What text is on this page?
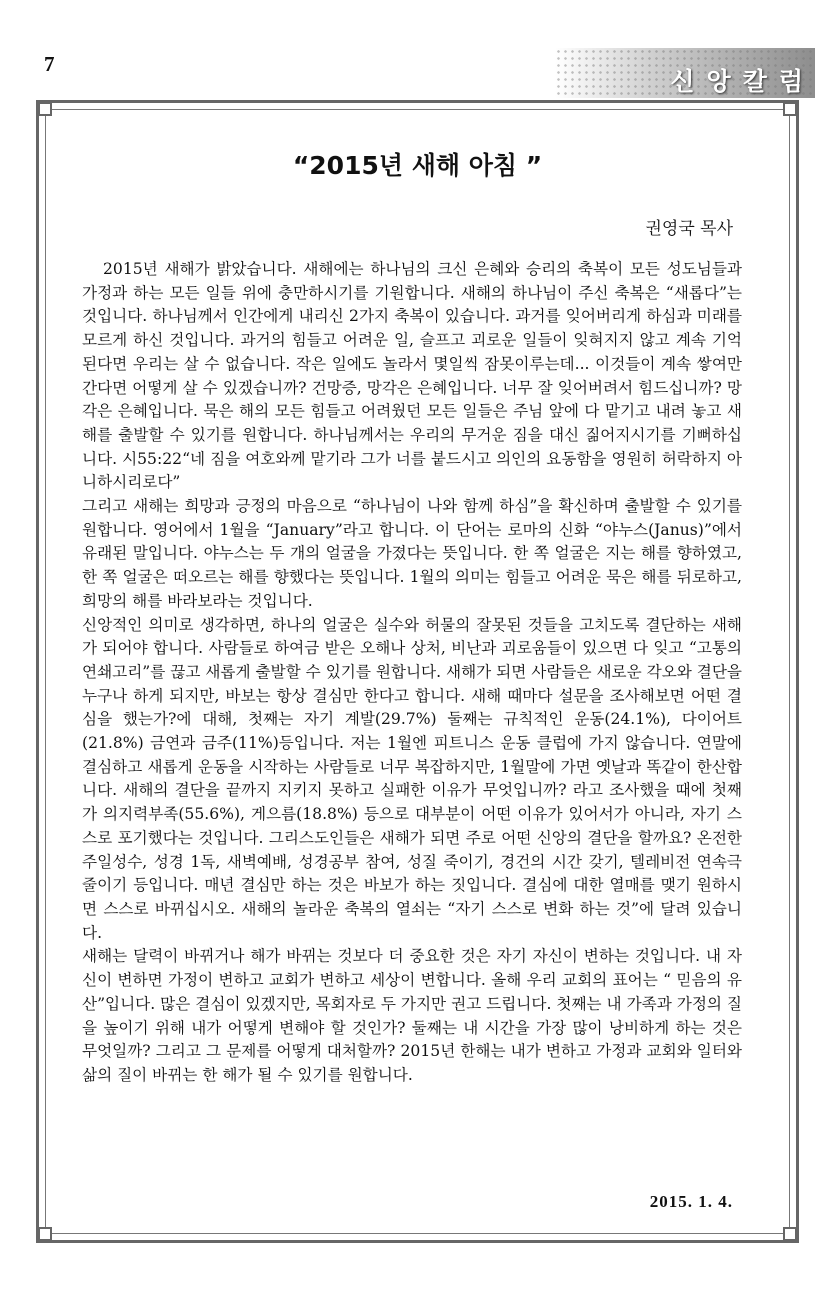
7
신앙칼럼
“2015년 새해 아침 ”
권영국 목사

2015년 새해가 밝았습니다. 새해에는 하나님의 크신 은혜와 승리의 축복이 모든 성도님들과 가정과 하는 모든 일들 위에 충만하시기를 기원합니다. 새해의 하나님이 주신 축복은 “새롭다”는 것입니다. 하나님께서 인간에게 내리신 2가지 축복이 있습니다. 과거를 잊어버리게 하심과 미래를 모르게 하신 것입니다. 과거의 힘들고 어려운 일, 슬프고 괴로운 일들이 잊혀지지 않고 계속 기억된다면 우리는 살 수 없습니다. 작은 일에도 놀라서 몇일씩 잠못이루는데... 이것들이 계속 쌓여만 간다면 어떻게 살 수 있겠습니까? 건망증, 망각은 은혜입니다. 너무 잘 잊어버려서 힘드십니까? 망각은 은혜입니다. 묵은 해의 모든 힘들고 어려웠던 모든 일들은 주님 앞에 다 맡기고 내려 놓고 새해를 출발할 수 있기를 원합니다. 하나님께서는 우리의 무거운 짐을 대신 짊어지시기를 기뻐하십니다. 시55:22“네 짐을 여호와께 맡기라 그가 너를 붙드시고 의인의 요동함을 영원히 허락하지 아니하시리로다”

그리고 새해는 희망과 긍정의 마음으로 “하나님이 나와 함께 하심”을 확신하며 출발할 수 있기를 원합니다. 영어에서 1월을 “January”라고 합니다. 이 단어는 로마의 신화 “야누스(Janus)”에서 유래된 말입니다. 야누스는 두 개의 얼굴을 가졌다는 뜻입니다. 한 쪽 얼굴은 지는 해를 향하였고, 한 쪽 얼굴은 떠오르는 해를 향했다는 뜻입니다. 1월의 의미는 힘들고 어려운 묵은 해를 뒤로하고, 희망의 해를 바라보라는 것입니다.

신앙적인 의미로 생각하면, 하나의 얼굴은 실수와 허물의 잘못된 것들을 고치도록 결단하는 새해가 되어야 합니다. 사람들로 하여금 받은 오해나 상처, 비난과 괴로움들이 있으면 다 잊고 “고통의 연쇄고리”를 끊고 새롭게 출발할 수 있기를 원합니다. 새해가 되면 사람들은 새로운 각오와 결단을 누구나 하게 되지만, 바보는 항상 결심만 한다고 합니다. 새해 때마다 설문을 조사해보면 어떤 결심을 했는가?에 대해, 첫째는 자기 계발(29.7%) 둘째는 규칙적인 운동(24.1%), 다이어트(21.8%) 금연과 금주(11%)등입니다. 저는 1월엔 피트니스 운동 클럽에 가지 않습니다. 연말에 결심하고 새롭게 운동을 시작하는 사람들로 너무 복잡하지만, 1월말에 가면 옛날과 똑같이 한산합니다. 새해의 결단을 끝까지 지키지 못하고 실패한 이유가 무엇입니까? 라고 조사했을 때에 첫째가 의지력부족(55.6%), 게으름(18.8%) 등으로 대부분이 어떤 이유가 있어서가 아니라, 자기 스스로 포기했다는 것입니다. 그리스도인들은 새해가 되면 주로 어떤 신앙의 결단을 할까요? 온전한 주일성수, 성경 1독, 새벽예배, 성경공부 참여, 성질 죽이기, 경건의 시간 갖기, 텔레비전 연속극 줄이기 등입니다. 매년 결심만 하는 것은 바보가 하는 짓입니다. 결심에 대한 열매를 맺기 원하시면 스스로 바뀌십시오. 새해의 놀라운 축복의 열쇠는 “자기 스스로 변화 하는 것”에 달려 있습니다.

새해는 달력이 바뀌거나 해가 바뀌는 것보다 더 중요한 것은 자기 자신이 변하는 것입니다. 내 자신이 변하면 가정이 변하고 교회가 변하고 세상이 변합니다. 올해 우리 교회의 표어는 “ 믿음의 유산”입니다. 많은 결심이 있겠지만, 목회자로 두 가지만 권고 드립니다. 첫째는 내 가족과 가정의 질을 높이기 위해 내가 어떻게 변해야 할 것인가? 둘째는 내 시간을 가장 많이 낭비하게 하는 것은 무엇일까? 그리고 그 문제를 어떻게 대처할까? 2015년 한해는 내가 변하고 가정과 교회와 일터와 삶의 질이 바뀌는 한 해가 될 수 있기를 원합니다.

2015. 1. 4.
